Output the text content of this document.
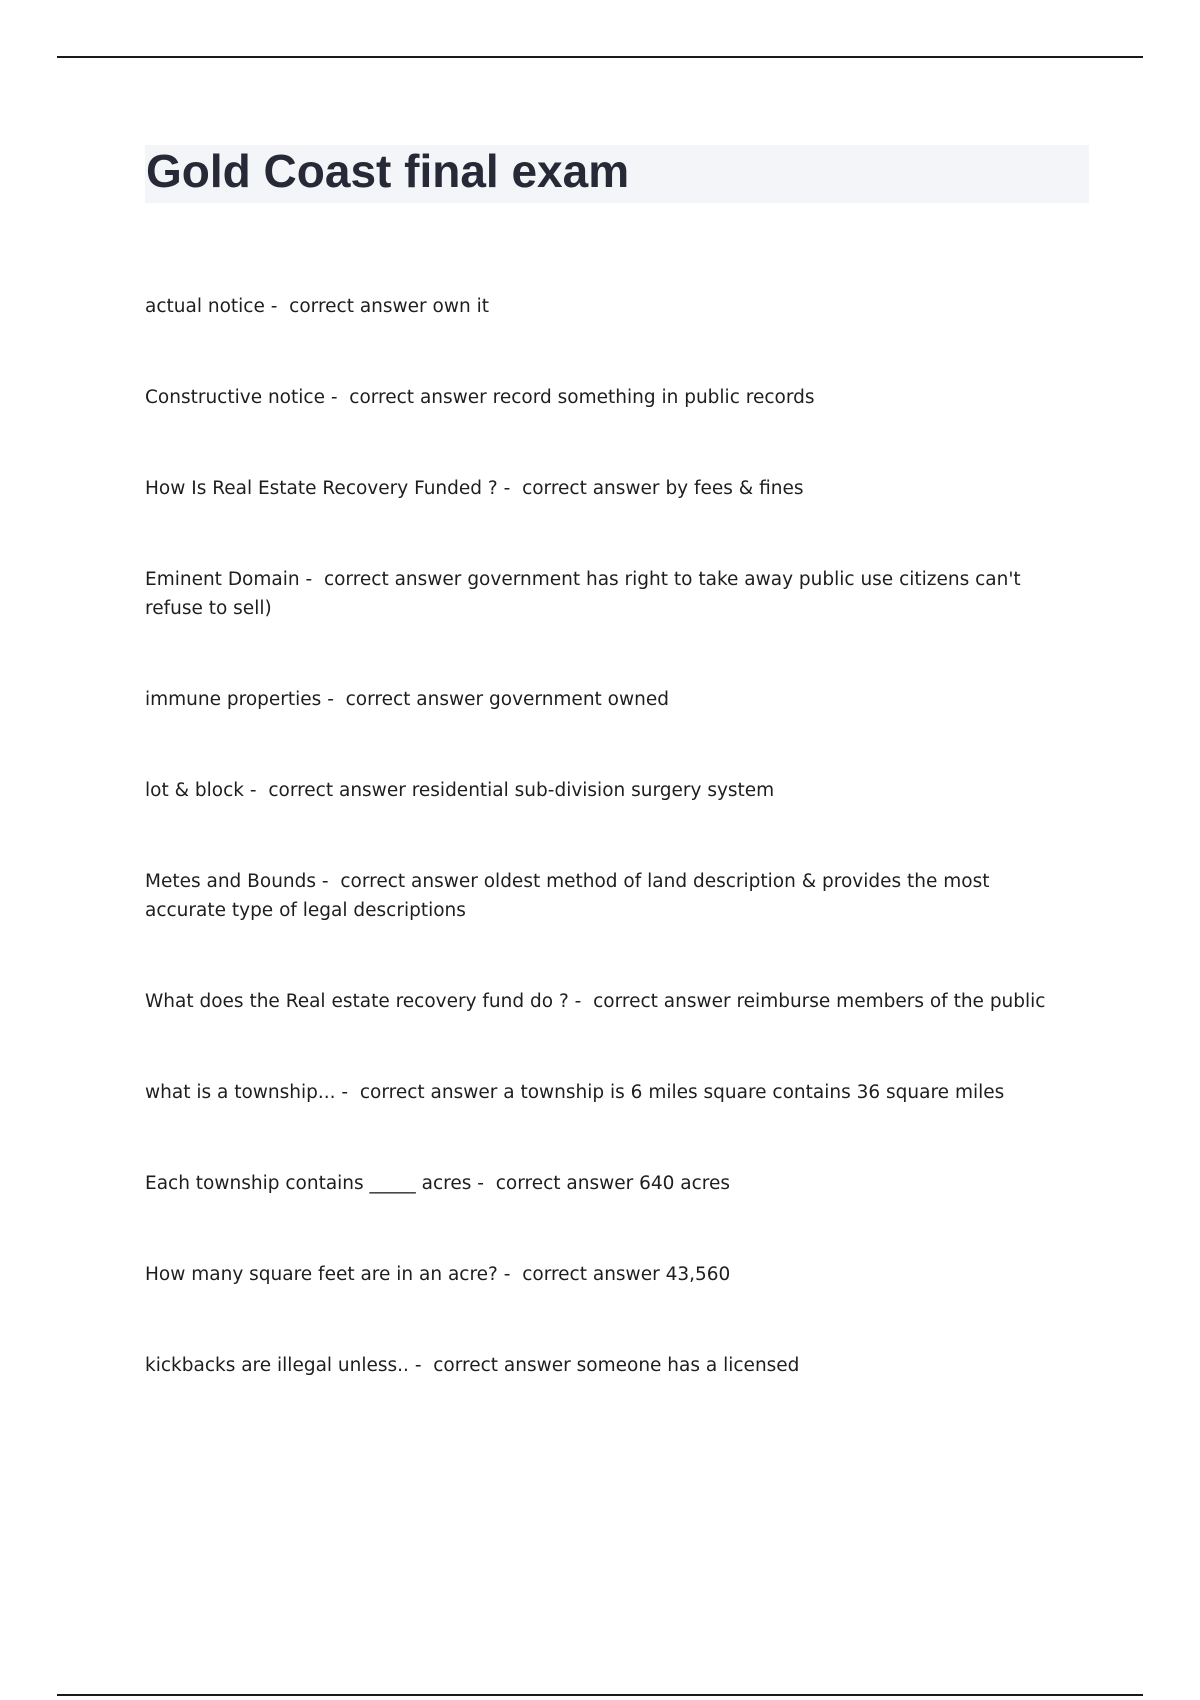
Gold Coast final exam
actual notice -  correct answer own it
Constructive notice -  correct answer record something in public records
How Is Real Estate Recovery Funded ? -  correct answer by fees & fines
Eminent Domain -  correct answer government has right to take away public use citizens can't refuse to sell)
immune properties -  correct answer government owned
lot & block -  correct answer residential sub-division surgery system
Metes and Bounds -  correct answer oldest method of land description & provides the most accurate type of legal descriptions
What does the Real estate recovery fund do ? -  correct answer reimburse members of the public
what is a township... -  correct answer a township is 6 miles square contains 36 square miles
Each township contains _____ acres -  correct answer 640 acres
How many square feet are in an acre? -  correct answer 43,560
kickbacks are illegal unless.. -  correct answer someone has a licensed
